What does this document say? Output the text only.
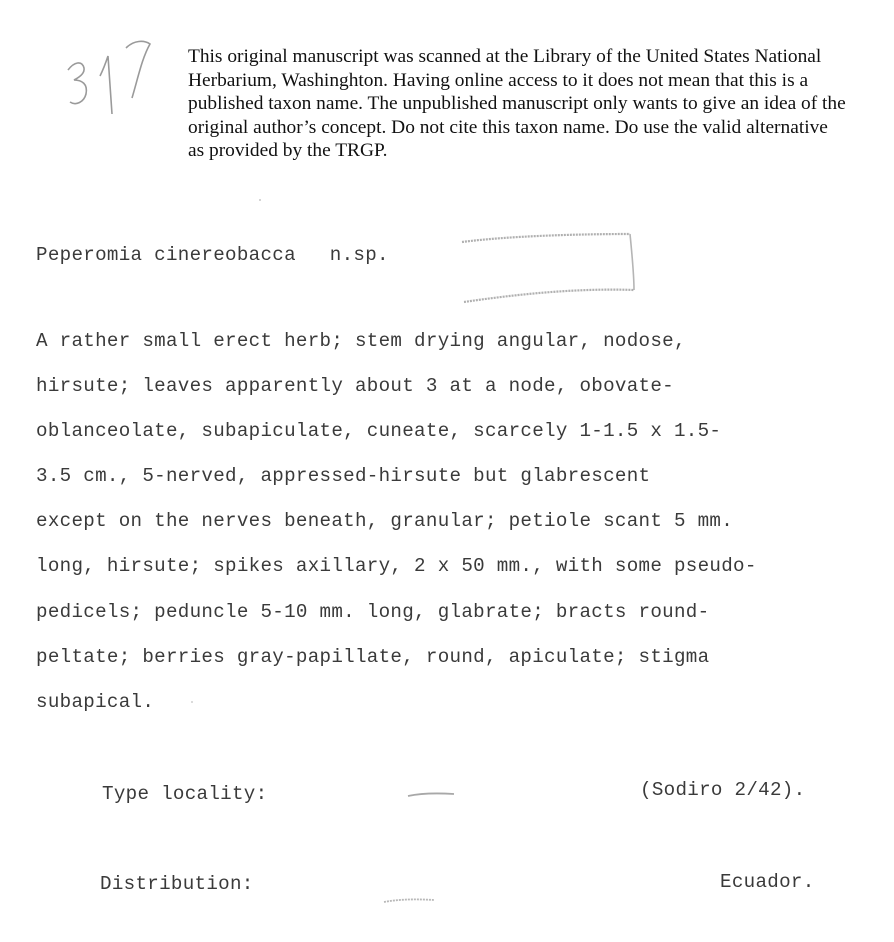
This original manuscript was scanned at the Library of the United States National Herbarium, Washinghton. Having online access to it does not mean that this is a published taxon name. The unpublished manuscript only wants to give an idea of the original author’s concept. Do not cite this taxon name. Do use the valid alternative as provided by the TRGP.

Peperomia cinereobacca n.sp.
A rather small erect herb; stem drying angular, nodose,
hirsute; leaves apparently about 3 at a node, obovate-
oblanceolate, subapiculate, cuneate, scarcely 1-1.5 x 1.5-
3.5 cm., 5-nerved, appressed-hirsute but glabrescent
except on the nerves beneath, granular; petiole scant 5 mm.
long, hirsute; spikes axillary, 2 x 50 mm., with some pseudo-
pedicels; peduncle 5-10 mm. long, glabrate; bracts round-
peltate; berries gray-papillate, round, apiculate; stigma
subapical.
Type locality:	(Sodiro 2/42).
Distribution:	Ecuador.
